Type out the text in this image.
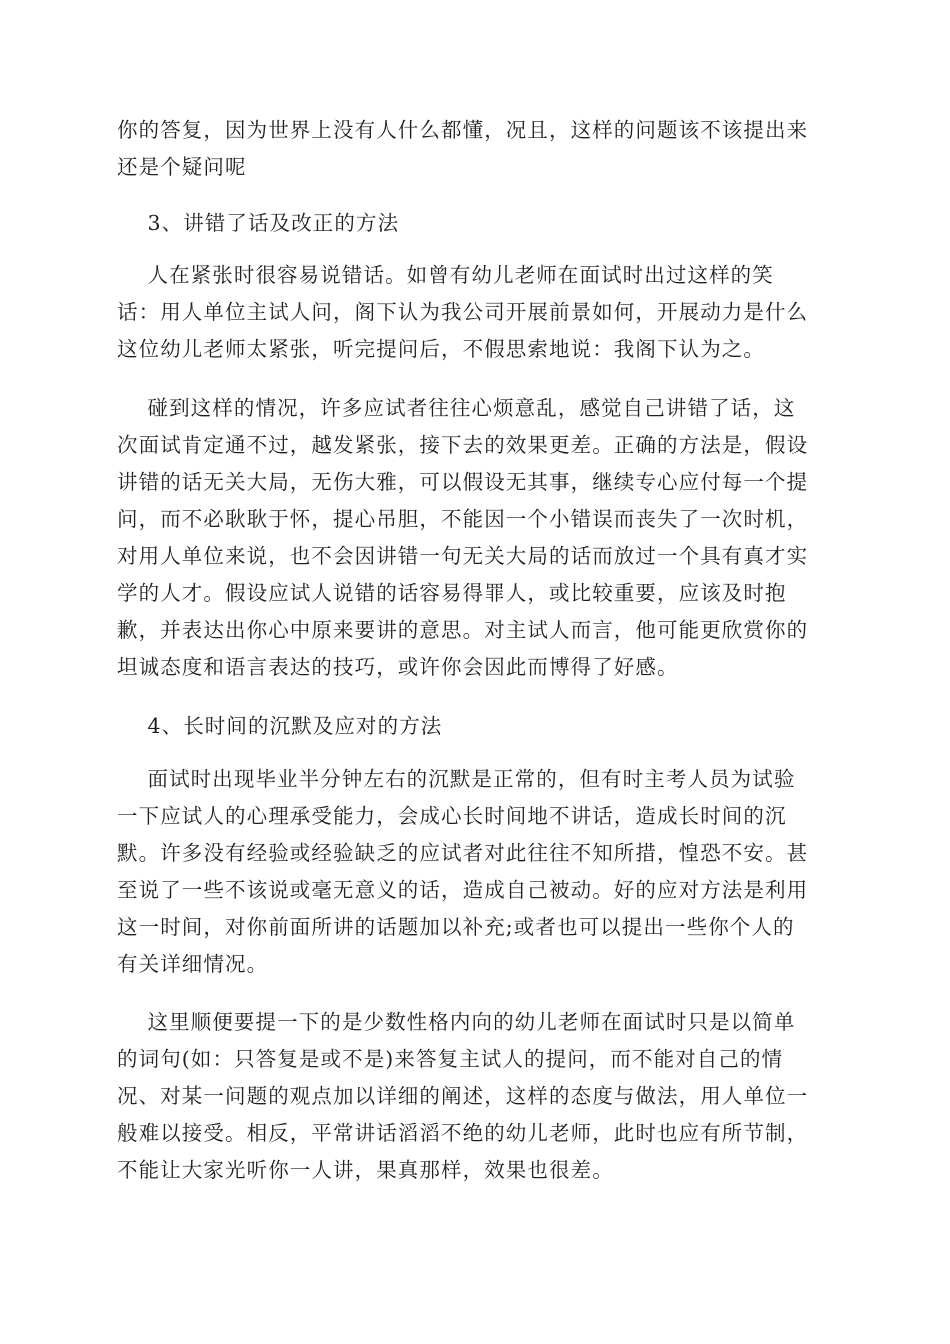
你的答复，因为世界上没有人什么都懂，况且，这样的问题该不该提出来
还是个疑问呢

3、讲错了话及改正的方法

人在紧张时很容易说错话。如曾有幼儿老师在面试时出过这样的笑
话：用人单位主试人问，阁下认为我公司开展前景如何，开展动力是什么
这位幼儿老师太紧张，听完提问后，不假思索地说：我阁下认为之。

碰到这样的情况，许多应试者往往心烦意乱，感觉自己讲错了话，这
次面试肯定通不过，越发紧张，接下去的效果更差。正确的方法是，假设
讲错的话无关大局，无伤大雅，可以假设无其事，继续专心应付每一个提
问，而不必耿耿于怀，提心吊胆，不能因一个小错误而丧失了一次时机，
对用人单位来说，也不会因讲错一句无关大局的话而放过一个具有真才实
学的人才。假设应试人说错的话容易得罪人，或比较重要，应该及时抱
歉，并表达出你心中原来要讲的意思。对主试人而言，他可能更欣赏你的
坦诚态度和语言表达的技巧，或许你会因此而博得了好感。

4、长时间的沉默及应对的方法

面试时出现毕业半分钟左右的沉默是正常的，但有时主考人员为试验
一下应试人的心理承受能力，会成心长时间地不讲话，造成长时间的沉
默。许多没有经验或经验缺乏的应试者对此往往不知所措，惶恐不安。甚
至说了一些不该说或毫无意义的话，造成自己被动。好的应对方法是利用
这一时间，对你前面所讲的话题加以补充;或者也可以提出一些你个人的
有关详细情况。

这里顺便要提一下的是少数性格内向的幼儿老师在面试时只是以简单
的词句(如：只答复是或不是)来答复主试人的提问，而不能对自己的情
况、对某一问题的观点加以详细的阐述，这样的态度与做法，用人单位一
般难以接受。相反，平常讲话滔滔不绝的幼儿老师，此时也应有所节制，
不能让大家光听你一人讲，果真那样，效果也很差。
